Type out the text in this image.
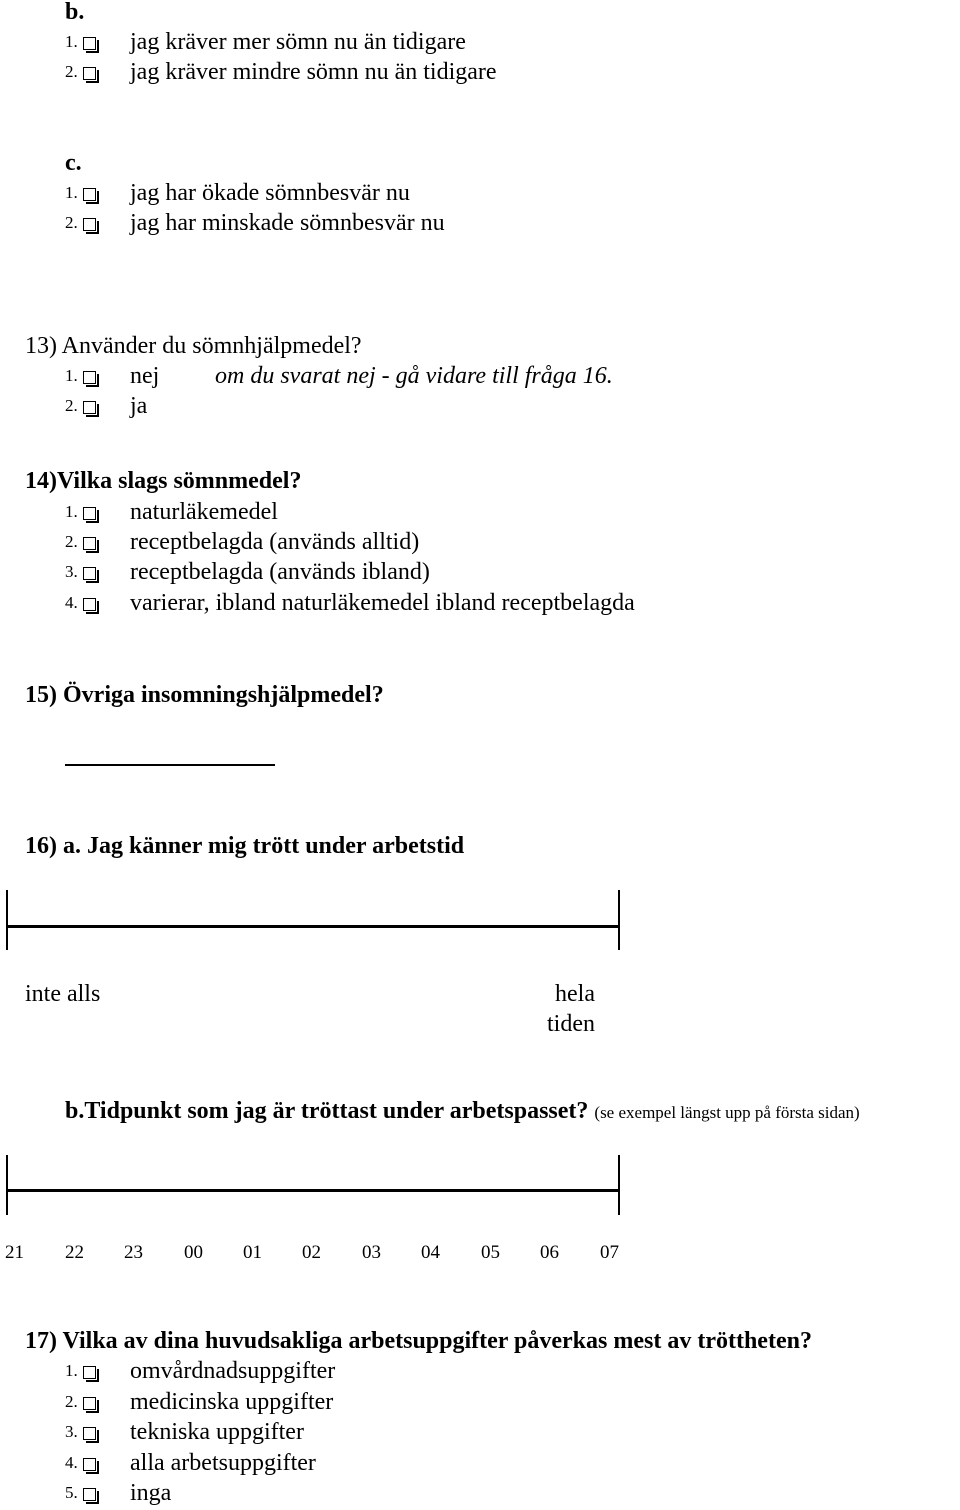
b.
1. jag kräver mer sömn nu än tidigare
2. jag kräver mindre sömn nu än tidigare
c.
1. jag har ökade sömnbesvär nu
2. jag har minskade sömnbesvär nu
13) Använder du sömnhjälpmedel?
1. nej om du svarat nej - gå vidare till fråga 16.
2. ja
14)Vilka slags sömnmedel?
1. naturläkemedel
2. receptbelagda (används alltid)
3. receptbelagda (används ibland)
4. varierar, ibland naturläkemedel ibland receptbelagda
15) Övriga insomningshjälpmedel?
16) a. Jag känner mig trött under arbetstid
inte alls	hela
tiden
b.Tidpunkt som jag är tröttast under arbetspasset? (se exempel längst upp på första sidan)
21 22 23 00 01 02 03 04 05 06 07
17) Vilka av dina huvudsakliga arbetsuppgifter påverkas mest av tröttheten?
1. omvårdnadsuppgifter
2. medicinska uppgifter
3. tekniska uppgifter
4. alla arbetsuppgifter
5. inga
